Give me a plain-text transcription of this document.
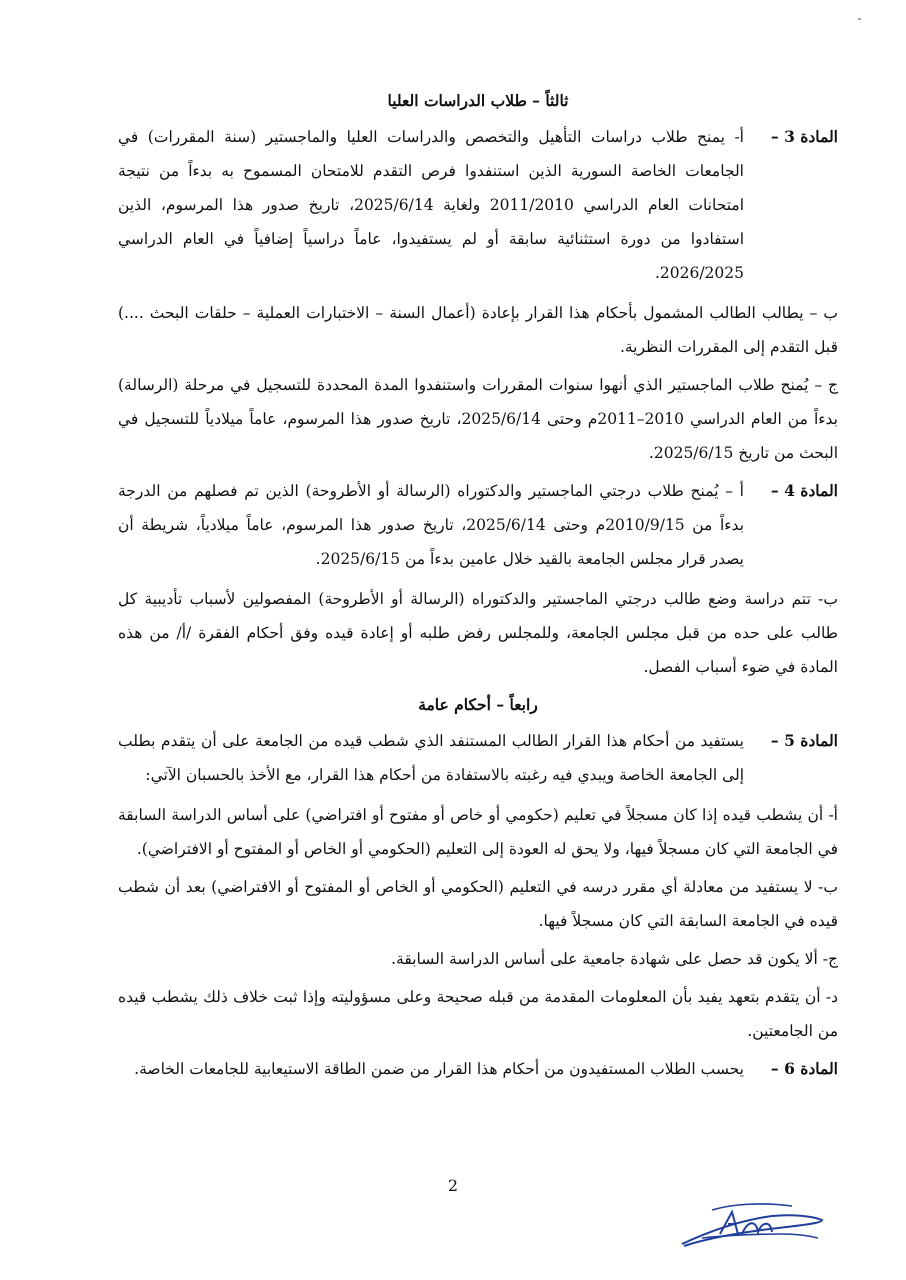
ثالثاً – طلاب الدراسات العليا
المادة 3 –

أ- يمنح طلاب دراسات التأهيل والتخصص والدراسات العليا والماجستير (سنة المقررات) في الجامعات الخاصة السورية الذين استنفدوا فرص التقدم للامتحان المسموح به بدءاً من نتيجة امتحانات العام الدراسي 2011/2010 ولغاية 2025/6/14، تاريخ صدور هذا المرسوم، الذين استفادوا من دورة استثنائية سابقة أو لم يستفيدوا، عاماً دراسياً إضافياً في العام الدراسي 2026/2025.

ب – يطالب الطالب المشمول بأحكام هذا القرار بإعادة (أعمال السنة – الاختبارات العملية – حلقات البحث ....) قبل التقدم إلى المقررات النظرية.

ج – يُمنح طلاب الماجستير الذي أنهوا سنوات المقررات واستنفدوا المدة المحددة للتسجيل في مرحلة (الرسالة) بدءاً من العام الدراسي 2010–2011م وحتى 2025/6/14، تاريخ صدور هذا المرسوم، عاماً ميلادياً للتسجيل في البحث من تاريخ 2025/6/15.

المادة 4 –

أ – يُمنح طلاب درجتي الماجستير والدكتوراه (الرسالة أو الأطروحة) الذين تم فصلهم من الدرجة بدءاً من 2010/9/15م وحتى 2025/6/14، تاريخ صدور هذا المرسوم، عاماً ميلادياً، شريطة أن يصدر قرار مجلس الجامعة بالقيد خلال عامين بدءاً من 2025/6/15.

ب- تتم دراسة وضع طالب درجتي الماجستير والدكتوراه (الرسالة أو الأطروحة) المفصولين لأسباب تأديبية كل طالب على حده من قبل مجلس الجامعة، وللمجلس رفض طلبه أو إعادة قيده وفق أحكام الفقرة /أ/ من هذه المادة في ضوء أسباب الفصل.

رابعاً – أحكام عامة
المادة 5 –

يستفيد من أحكام هذا القرار الطالب المستنفد الذي شطب قيده من الجامعة على أن يتقدم بطلب إلى الجامعة الخاصة ويبدي فيه رغبته بالاستفادة من أحكام هذا القرار، مع الأخذ بالحسبان الآتي:

أ- أن يشطب قيده إذا كان مسجلاً في تعليم (حكومي أو خاص أو مفتوح أو افتراضي) على أساس الدراسة السابقة في الجامعة التي كان مسجلاً فيها، ولا يحق له العودة إلى التعليم (الحكومي أو الخاص أو المفتوح أو الافتراضي).

ب- لا يستفيد من معادلة أي مقرر درسه في التعليم (الحكومي أو الخاص أو المفتوح أو الافتراضي) بعد أن شطب قيده في الجامعة السابقة التي كان مسجلاً فيها.

ج- ألا يكون قد حصل على شهادة جامعية على أساس الدراسة السابقة.

د- أن يتقدم بتعهد يفيد بأن المعلومات المقدمة من قبله صحيحة وعلى مسؤوليته وإذا ثبت خلاف ذلك يشطب قيده من الجامعتين.

المادة 6 –

يحسب الطلاب المستفيدون من أحكام هذا القرار من ضمن الطاقة الاستيعابية للجامعات الخاصة.

2
